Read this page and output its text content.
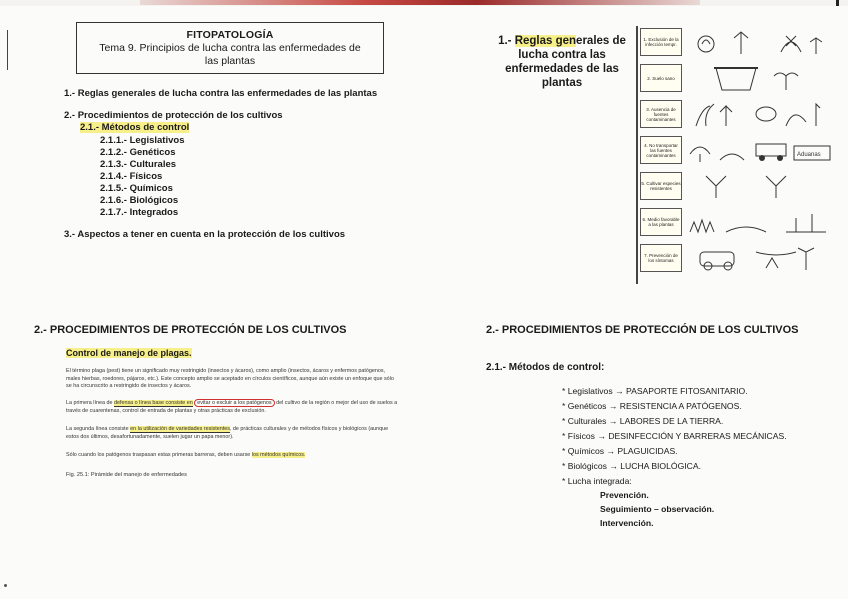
FITOPATOLOGÍA
Tema 9. Principios de lucha contra las enfermedades de
las plantas
1.- Reglas generales de lucha contra las enfermedades de las plantas
2.- Procedimientos de protección de los cultivos
2.1.- Métodos de control
2.1.1.- Legislativos
2.1.2.- Genéticos
2.1.3.- Culturales
2.1.4.- Físicos
2.1.5.- Químicos
2.1.6.- Biológicos
2.1.7.- Integrados
3.- Aspectos a tener en cuenta en la protección de los cultivos
1.- Reglas generales de lucha contra las enfermedades de las plantas
1. Exclusión de la infección tempr.
2. Suelo sano
3. Ausencia de fuentes contaminantes
4. No transportar las fuentes contaminantes	Aduanas
5. Cultivar especies resistentes
6. Medio favorable a las plantas
7. Prevención de los síntomas
2.- PROCEDIMIENTOS DE PROTECCIÓN DE LOS CULTIVOS
Control de manejo de plagas.
El término plaga (pest) tiene un significado muy restringido (insectos y ácaros), como amplio (insectos, ácaros y enfermos patógenos, males hierbas, roedores, pájaros, etc.). Este concepto amplio se aceptado en círculos científicos, aunque aún existe un enfoque que sólo se ha circunscrito a restringido de insectos y ácaros.
La primera línea de defensa o línea base consiste en evitar o excluir a los patógenos del cultivo de la región o mejor del uso de suelos a través de cuarentenas, control de entrada de plantas y otras prácticas de exclusión.
La segunda línea consiste en la utilización de variedades resistentes, de prácticas culturales y de métodos físicos y biológicos (aunque estos dos últimos, desafortunadamente, suelen jugar un papa menor).
Sólo cuando los patógenos traspasan estas primeras barreras, deben usarse los métodos químicos.
Fig. 25.1: Pirámide del manejo de enfermedades
2.- PROCEDIMIENTOS DE PROTECCIÓN DE LOS CULTIVOS
2.1.- Métodos de control:
* Legislativos → PASAPORTE FITOSANITARIO.
* Genéticos → RESISTENCIA A PATÓGENOS.
* Culturales → LABORES DE LA TIERRA.
* Físicos → DESINFECCIÓN Y BARRERAS MECÁNICAS.
* Químicos → PLAGUICIDAS.
* Biológicos → LUCHA BIOLÓGICA.
* Lucha integrada:
Prevención.
Seguimiento – observación.
Intervención.
